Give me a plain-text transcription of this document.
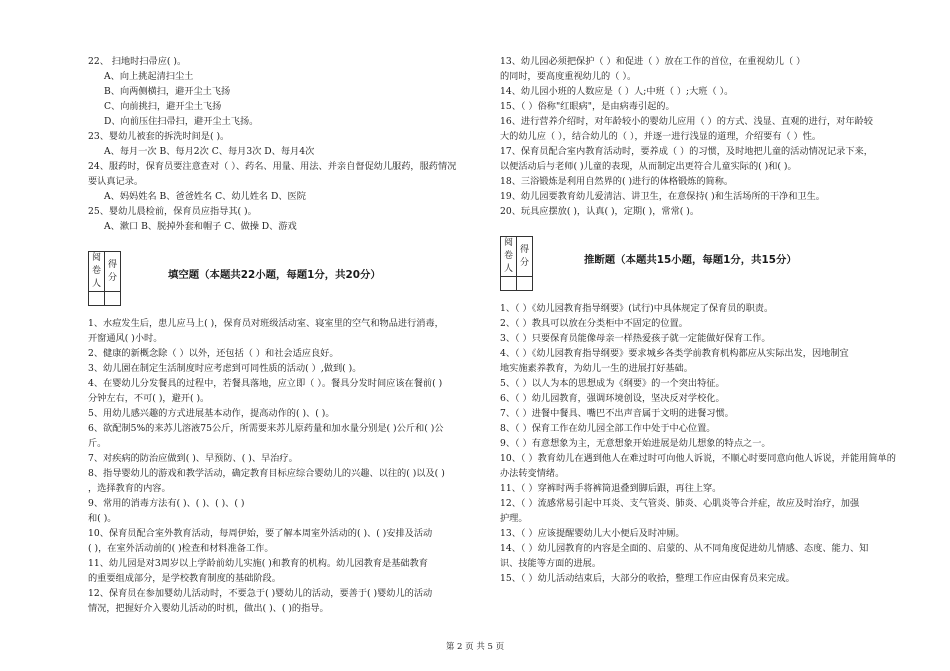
22、 扫地时扫帚应( )。
A、向上挑起清扫尘土
B、向两侧横扫，避开尘土飞扬
C、向前挑扫，避开尘土飞扬
D、向前压住扫帚扫，避开尘土飞扬。
23、婴幼儿被套的拆洗时间是( )。
A、每月一次 B、每月2次 C、每月3次 D、每月4次
24、服药时，保育员要注意查对（ ）、药名、用量、用法、并亲自督促幼儿服药，服药情况
要认真记录。
A、妈妈姓名 B、爸爸姓名 C、幼儿姓名 D、医院
25、婴幼儿晨检前，保育员应指导其( )。
A、漱口 B、脱掉外套和帽子 C、做操 D、游戏
阅卷人	得分
		填空题（本题共22小题，每题1分，共20分）
1、水痘发生后，患儿应马上( )，保育员对班级活动室、寝室里的空气和物品进行消毒，
开窗通风( )小时。
2、健康的新概念除（ ）以外，还包括（ ）和社会适应良好。
3、幼儿園在制定生活制度时应考虑到可同性质的活动( ）,做到( )。
4、在婴幼儿分发餐具的过程中，若餐具落地，应立即（ ）。餐具分发时间应该在餐前( )
分钟左右，不可( )，避开( )。
5、用幼儿感兴趣的方式进展基本动作，提高动作的( )、( )。
6、欲配制5%的来苏儿溶液75公斤，所需要来苏儿原药量和加水量分别是( )公斤和( )公
斤。
7、对疾病的防治应做到( )、早预防、( )、早治疗。
8、指导婴幼儿的游戏和教学活动，确定教育目标应综合婴幼儿的兴趣、以往的( )以及( )
，选择教育的内容。
9、常用的消毒方法有( )、( )、( )、( )
和( )。
10、保育员配合室外教育活动，每周伊始，要了解本周室外活动的( )、( )安排及活动
( )，在室外活动前的( )检查和材料准备工作。
11、幼儿园是对3周岁以上学龄前幼儿实施( )和教育的机构。幼儿园教育是基础教育
的重要组成部分，是学校教育制度的基础阶段。
12、保育员在参加婴幼儿活动时，不要急于( )婴幼儿的活动，要善于( )婴幼儿的活动
情况，把握好介入婴幼儿活动的时机，做出( )、( )的指导。
13、幼儿园必须把保护（ ）和促进（ ）放在工作的首位，在重视幼儿（ ）
的同时，要高度重视幼儿的（ ）。
14、幼儿园小班的人数应是（ ）人;中班（ ）;大班（ ）。
15、（ ）俗称"红眼病"，是由病毒引起的。
16、进行营养介绍时，对年龄较小的婴幼儿应用（ ）的方式、浅显、直观的进行，对年龄较
大的幼儿应（ ），结合幼儿的（ ），并逐一进行浅显的道理，介绍要有（ ）性。
17、保育员配合室内教育活动时，要养成（ ）的习惯，及时地把儿童的活动情况记录下来，
以便活动后与老师( )儿童的表现，从而制定出更符合儿童实际的( )和( )。
18、三浴锻炼是利用自然界的( )进行的体格锻炼的简称。
19、幼儿园要教育幼儿爱清洁、讲卫生，在意保持( )和生活场所的干净和卫生。
20、玩具应摆放( )，认真( )，定期( )，常常( )。
阅卷人	得分
		推断题（本题共15小题，每题1分，共15分）
1、（ ）《幼儿园教育指导纲要》(试行)中具体规定了保育员的职责。
2、（ ）教具可以放在分类柜中不固定的位置。
3、（ ）只要保育员能像母亲一样热爱孩子就一定能做好保育工作。
4、（ ）《幼儿园教育指导纲要》要求城乡各类学前教育机构都应从实际出发，因地制宜
地实施素养教育，为幼儿一生的进展打好基础。
5、（ ）以人为本的思想成为《纲要》的一个突出特征。
6、（ ）幼儿园教育，强调环境创设，坚决反对学校化。
7、（ ）进餐中餐具、嘴巴不出声音属于文明的进餐习惯。
8、（ ）保育工作在幼儿园全部工作中处于中心位置。
9、（ ）有意想象为主，无意想象开始进展是幼儿想象的特点之一。
10、（ ）教育幼儿在遇到他人在难过时可向他人诉说，不顺心时要同意向他人诉说，并能用简单的
办法转变情绪。
11、（ ）穿裤时两手将裤筒退叠到脚后跟，再往上穿。
12、（ ）流感常易引起中耳炎、支气管炎、肺炎、心肌炎等合并症，故应及时治疗，加强
护理。
13、（ ）应该提醒婴幼儿大小便后及时冲厕。
14、（ ）幼儿园教育的内容是全面的、启蒙的、从不同角度促进幼儿情感、态度、能力、知
识、技能等方面的进展。
15、（ ）幼儿活动结束后，大部分的收拾，整理工作应由保育员来完成。
第 2 页 共 5 页
